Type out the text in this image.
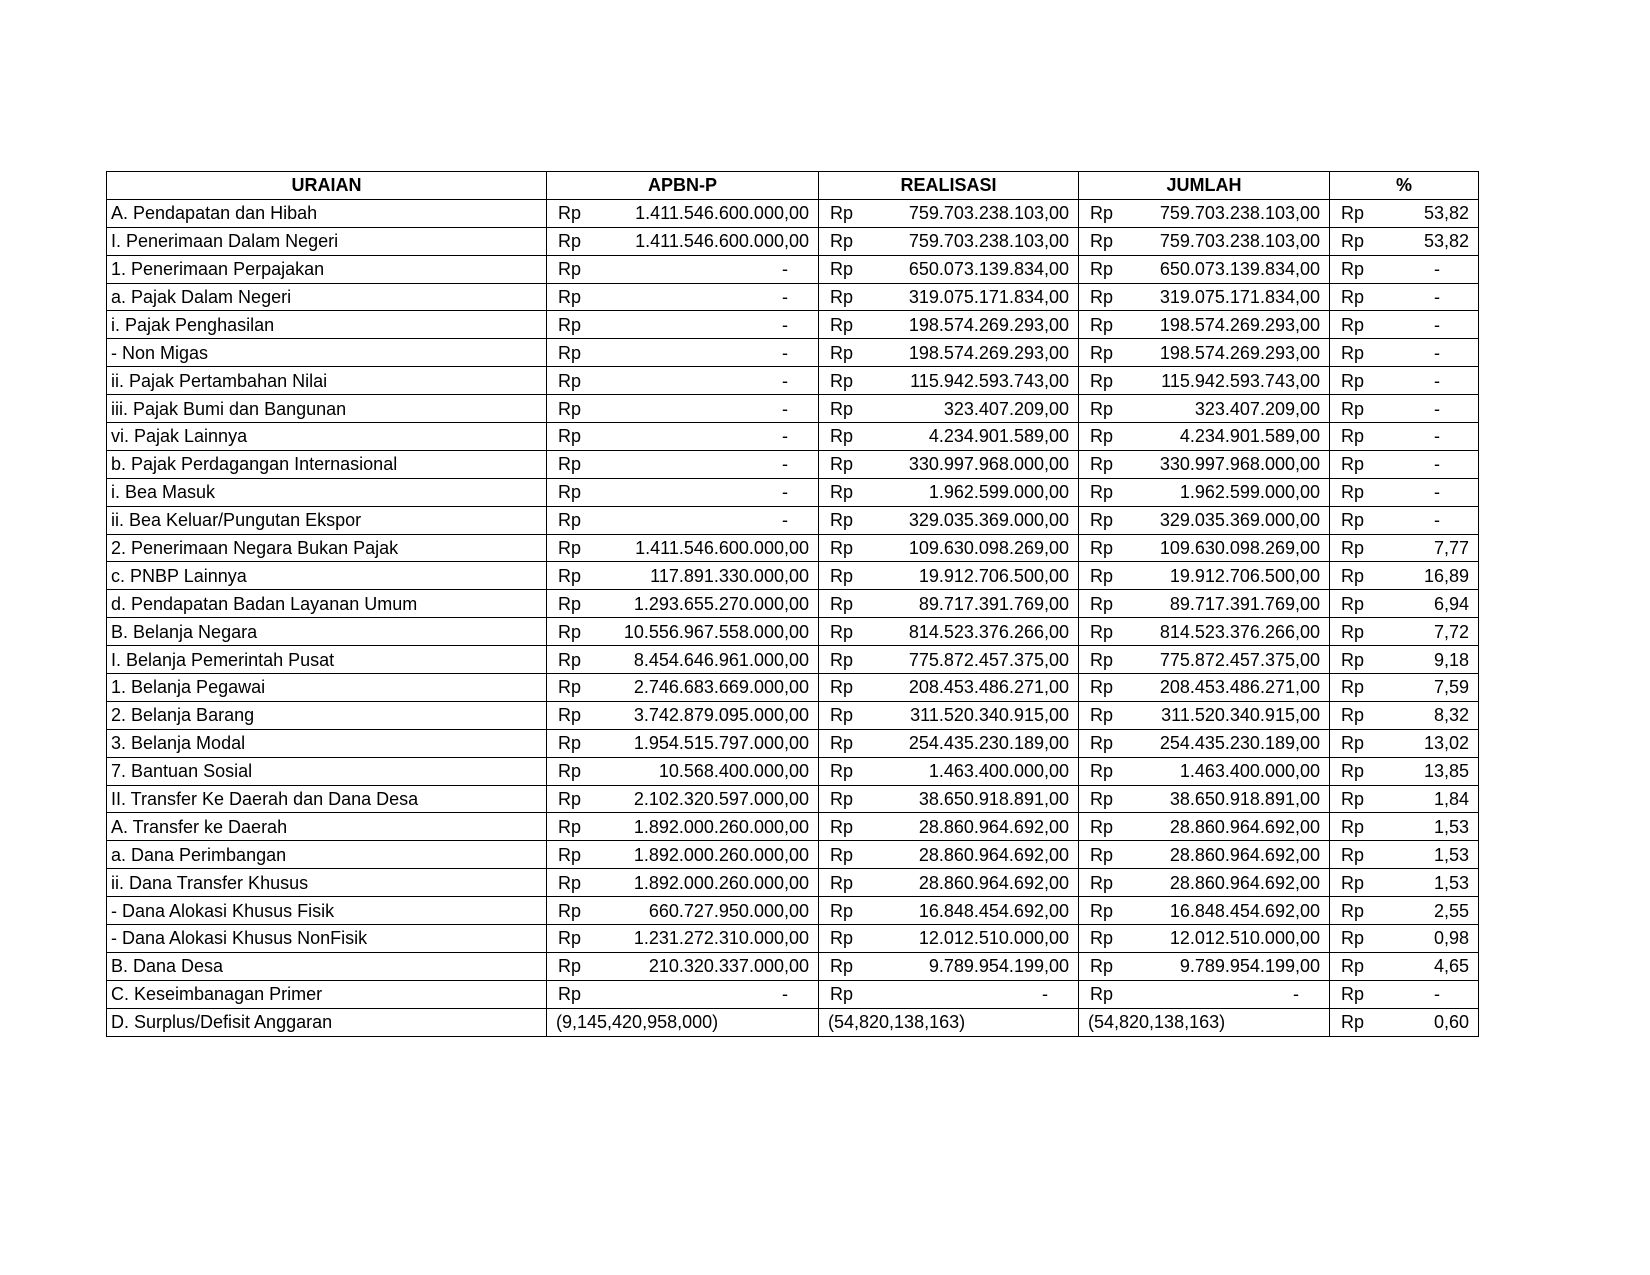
URAIAN	APBN-P	REALISASI	JUMLAH	%
A. Pendapatan dan Hibah	Rp 1.411.546.600.000,00	Rp 759.703.238.103,00	Rp 759.703.238.103,00	Rp 53,82

I. Penerimaan Dalam Negeri	Rp 1.411.546.600.000,00	Rp 759.703.238.103,00	Rp 759.703.238.103,00	Rp 53,82

1. Penerimaan Perpajakan	Rp -	Rp 650.073.139.834,00	Rp 650.073.139.834,00	Rp -

a. Pajak Dalam Negeri	Rp -	Rp 319.075.171.834,00	Rp 319.075.171.834,00	Rp -

i. Pajak Penghasilan	Rp -	Rp 198.574.269.293,00	Rp 198.574.269.293,00	Rp -

- Non Migas	Rp -	Rp 198.574.269.293,00	Rp 198.574.269.293,00	Rp -

ii. Pajak Pertambahan Nilai	Rp -	Rp 115.942.593.743,00	Rp 115.942.593.743,00	Rp -

iii. Pajak Bumi dan Bangunan	Rp -	Rp 323.407.209,00	Rp 323.407.209,00	Rp -

vi. Pajak Lainnya	Rp -	Rp 4.234.901.589,00	Rp 4.234.901.589,00	Rp -

b. Pajak Perdagangan Internasional	Rp -	Rp 330.997.968.000,00	Rp 330.997.968.000,00	Rp -

i. Bea Masuk	Rp -	Rp 1.962.599.000,00	Rp 1.962.599.000,00	Rp -

ii. Bea Keluar/Pungutan Ekspor	Rp -	Rp 329.035.369.000,00	Rp 329.035.369.000,00	Rp -

2. Penerimaan Negara Bukan Pajak	Rp 1.411.546.600.000,00	Rp 109.630.098.269,00	Rp 109.630.098.269,00	Rp 7,77

c. PNBP Lainnya	Rp 117.891.330.000,00	Rp 19.912.706.500,00	Rp 19.912.706.500,00	Rp 16,89

d. Pendapatan Badan Layanan Umum	Rp 1.293.655.270.000,00	Rp 89.717.391.769,00	Rp 89.717.391.769,00	Rp 6,94

B. Belanja Negara	Rp 10.556.967.558.000,00	Rp 814.523.376.266,00	Rp 814.523.376.266,00	Rp 7,72

I. Belanja Pemerintah Pusat	Rp 8.454.646.961.000,00	Rp 775.872.457.375,00	Rp 775.872.457.375,00	Rp 9,18

1. Belanja Pegawai	Rp 2.746.683.669.000,00	Rp 208.453.486.271,00	Rp 208.453.486.271,00	Rp 7,59

2. Belanja Barang	Rp 3.742.879.095.000,00	Rp 311.520.340.915,00	Rp 311.520.340.915,00	Rp 8,32

3. Belanja Modal	Rp 1.954.515.797.000,00	Rp 254.435.230.189,00	Rp 254.435.230.189,00	Rp 13,02

7. Bantuan Sosial	Rp 10.568.400.000,00	Rp 1.463.400.000,00	Rp 1.463.400.000,00	Rp 13,85

II. Transfer Ke Daerah dan Dana Desa	Rp 2.102.320.597.000,00	Rp 38.650.918.891,00	Rp 38.650.918.891,00	Rp 1,84

A. Transfer ke Daerah	Rp 1.892.000.260.000,00	Rp 28.860.964.692,00	Rp 28.860.964.692,00	Rp 1,53

a. Dana Perimbangan	Rp 1.892.000.260.000,00	Rp 28.860.964.692,00	Rp 28.860.964.692,00	Rp 1,53

ii. Dana Transfer Khusus	Rp 1.892.000.260.000,00	Rp 28.860.964.692,00	Rp 28.860.964.692,00	Rp 1,53

- Dana Alokasi Khusus Fisik	Rp 660.727.950.000,00	Rp 16.848.454.692,00	Rp 16.848.454.692,00	Rp 2,55

- Dana Alokasi Khusus NonFisik	Rp 1.231.272.310.000,00	Rp 12.012.510.000,00	Rp 12.012.510.000,00	Rp 0,98

B. Dana Desa	Rp 210.320.337.000,00	Rp 9.789.954.199,00	Rp 9.789.954.199,00	Rp 4,65

C. Keseimbanagan Primer	Rp -	Rp -	Rp -	Rp -

D. Surplus/Defisit Anggaran	(9,145,420,958,000)	(54,820,138,163)	(54,820,138,163)	Rp 0,60
